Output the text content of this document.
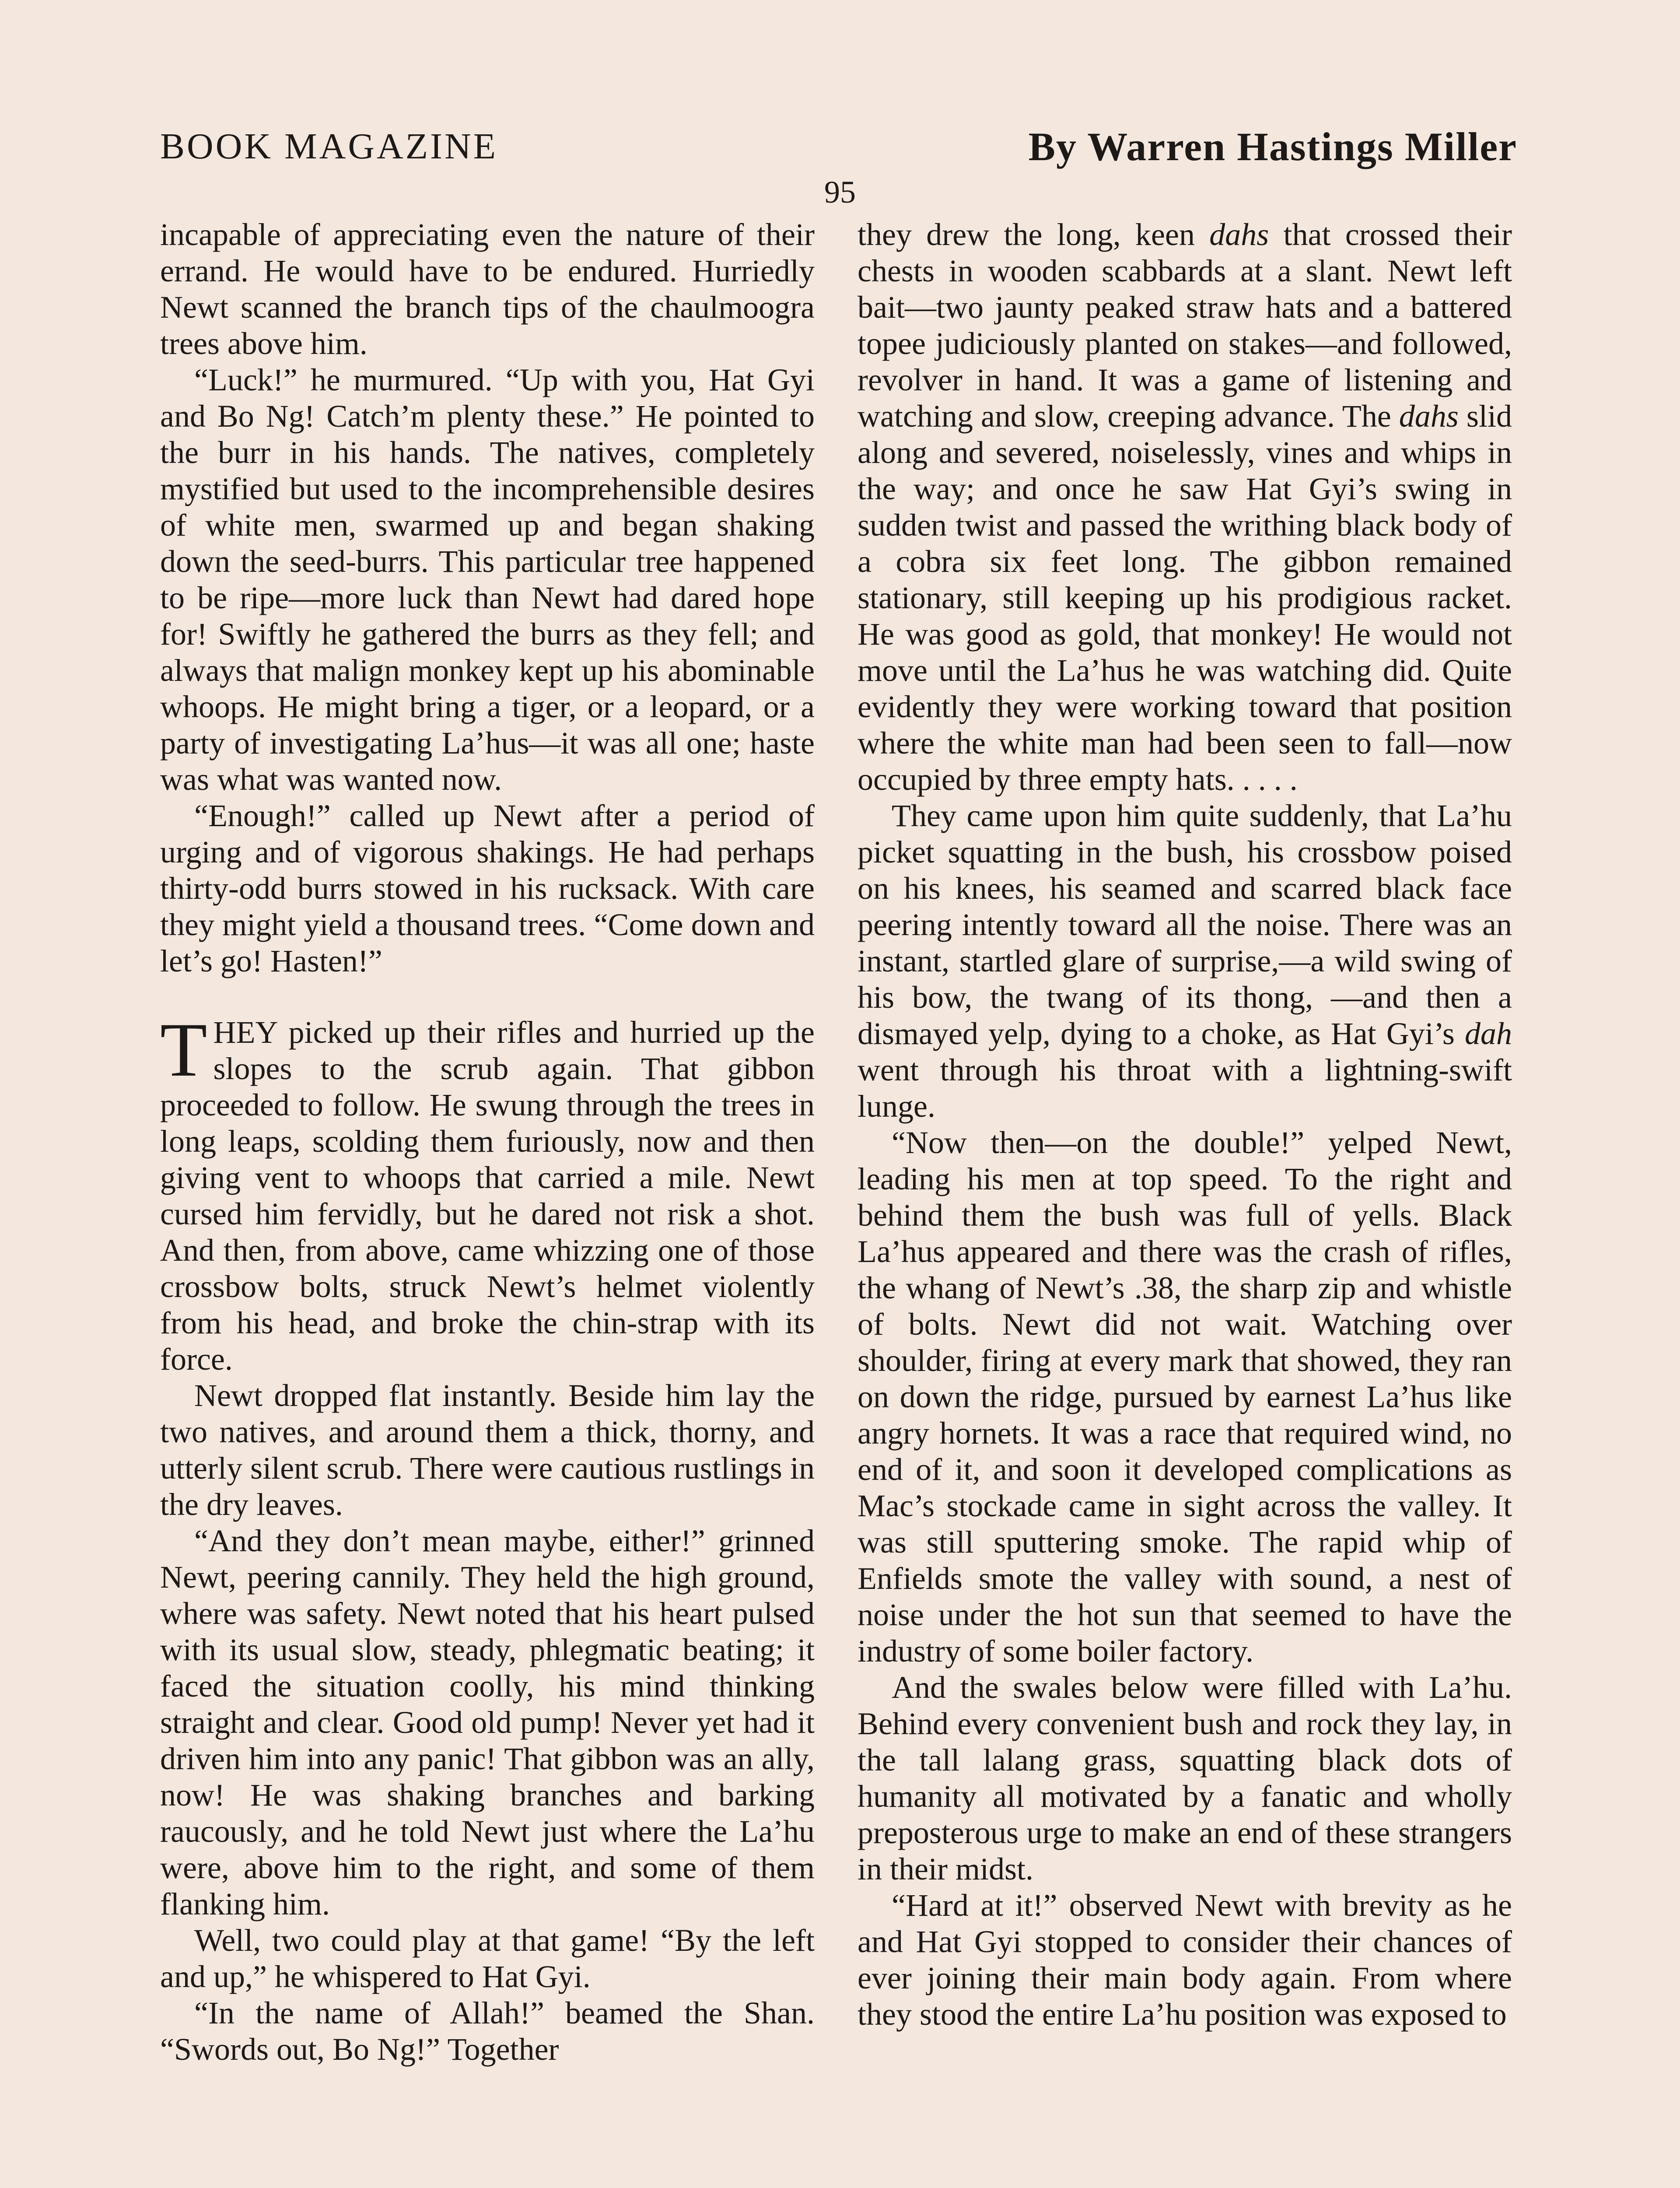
BOOK MAGAZINE	By Warren Hastings Miller
95

incapable of appreciating even the nature of their errand. He would have to be endured. Hurriedly Newt scanned the branch tips of the chaulmoogra trees above him.

“Luck!” he murmured. “Up with you, Hat Gyi and Bo Ng! Catch’m plenty these.” He pointed to the burr in his hands. The natives, completely mystified but used to the incomprehensible desires of white men, swarmed up and began shaking down the seed-burrs. This particular tree happened to be ripe—more luck than Newt had dared hope for! Swiftly he gathered the burrs as they fell; and always that malign monkey kept up his abominable whoops. He might bring a tiger, or a leopard, or a party of investigating La’hus—it was all one; haste was what was wanted now.

“Enough!” called up Newt after a period of urging and of vigorous shakings. He had perhaps thirty-odd burrs stowed in his rucksack. With care they might yield a thousand trees. “Come down and let’s go! Hasten!”

THEY picked up their rifles and hurried up the slopes to the scrub again. That gibbon proceeded to follow. He swung through the trees in long leaps, scolding them furiously, now and then giving vent to whoops that carried a mile. Newt cursed him fervidly, but he dared not risk a shot. And then, from above, came whizzing one of those crossbow bolts, struck Newt’s helmet violently from his head, and broke the chin-strap with its force.

Newt dropped flat instantly. Beside him lay the two natives, and around them a thick, thorny, and utterly silent scrub. There were cautious rustlings in the dry leaves.

“And they don’t mean maybe, either!” grinned Newt, peering cannily. They held the high ground, where was safety. Newt noted that his heart pulsed with its usual slow, steady, phlegmatic beating; it faced the situation coolly, his mind thinking straight and clear. Good old pump! Never yet had it driven him into any panic! That gibbon was an ally, now! He was shaking branches and barking raucously, and he told Newt just where the La’hu were, above him to the right, and some of them flanking him.

Well, two could play at that game! “By the left and up,” he whispered to Hat Gyi.

“In the name of Allah!” beamed the Shan. “Swords out, Bo Ng!” Together

they drew the long, keen dahs that crossed their chests in wooden scabbards at a slant. Newt left bait—two jaunty peaked straw hats and a battered topee judiciously planted on stakes—and followed, revolver in hand. It was a game of listening and watching and slow, creeping advance. The dahs slid along and severed, noiselessly, vines and whips in the way; and once he saw Hat Gyi’s swing in sudden twist and passed the writhing black body of a cobra six feet long. The gibbon remained stationary, still keeping up his prodigious racket. He was good as gold, that monkey! He would not move until the La’hus he was watching did. Quite evidently they were working toward that position where the white man had been seen to fall—now occupied by three empty hats. . . . .

They came upon him quite suddenly, that La’hu picket squatting in the bush, his crossbow poised on his knees, his seamed and scarred black face peering intently toward all the noise. There was an instant, startled glare of surprise,—a wild swing of his bow, the twang of its thong, —and then a dismayed yelp, dying to a choke, as Hat Gyi’s dah went through his throat with a lightning-swift lunge.

“Now then—on the double!” yelped Newt, leading his men at top speed. To the right and behind them the bush was full of yells. Black La’hus appeared and there was the crash of rifles, the whang of Newt’s .38, the sharp zip and whistle of bolts. Newt did not wait. Watching over shoulder, firing at every mark that showed, they ran on down the ridge, pursued by earnest La’hus like angry hornets. It was a race that required wind, no end of it, and soon it developed complications as Mac’s stockade came in sight across the valley. It was still sputtering smoke. The rapid whip of Enfields smote the valley with sound, a nest of noise under the hot sun that seemed to have the industry of some boiler factory.

And the swales below were filled with La’hu. Behind every convenient bush and rock they lay, in the tall lalang grass, squatting black dots of humanity all motivated by a fanatic and wholly preposterous urge to make an end of these strangers in their midst.

“Hard at it!” observed Newt with brevity as he and Hat Gyi stopped to consider their chances of ever joining their main body again. From where they stood the entire La’hu position was exposed to
